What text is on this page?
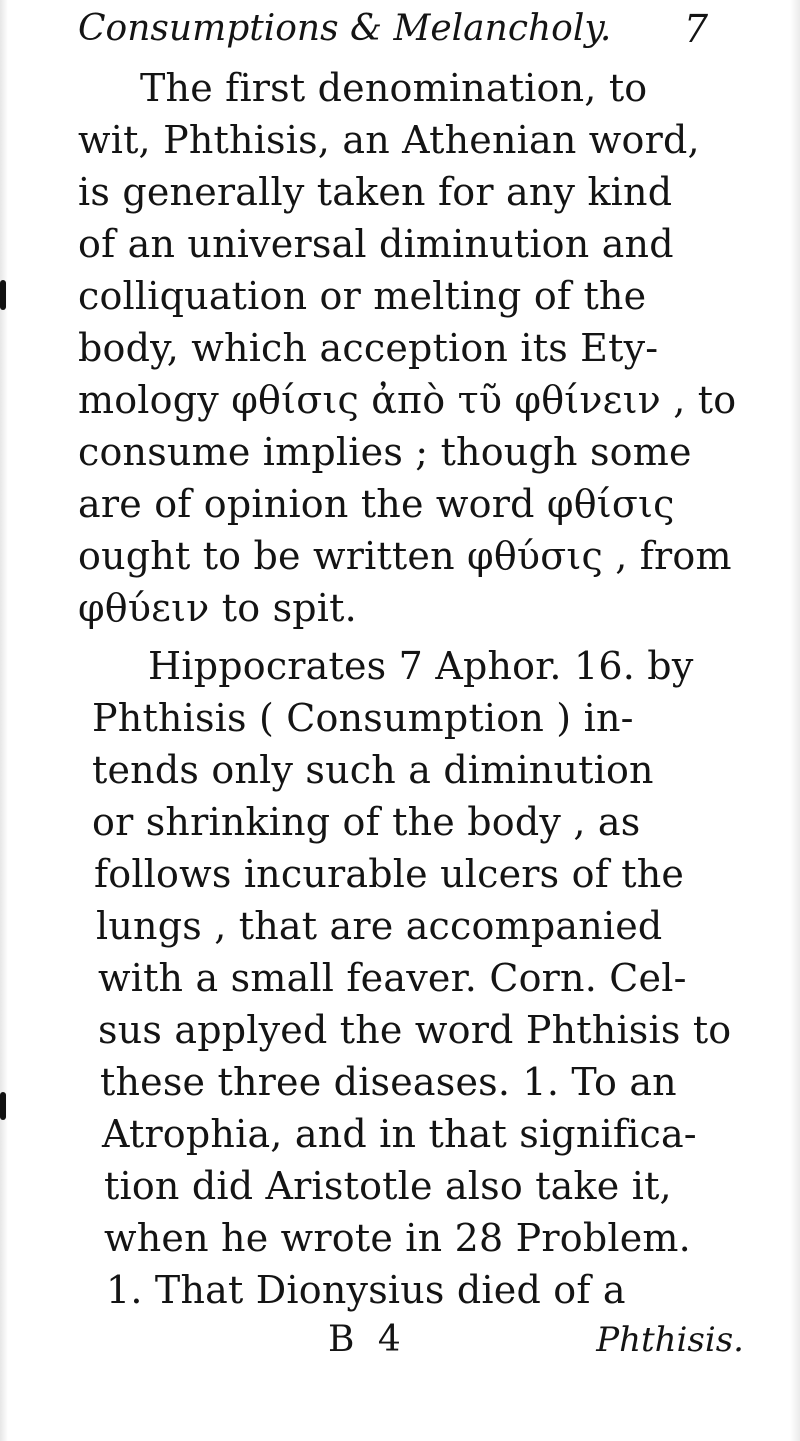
Consumptions & Melancholy. 7
The first denomination, to
wit, Phthisis, an Athenian word,
is generally taken for any kind
of an universal diminution and
colliquation or melting of the
body, which acception its Ety-
mology φθίσις ἀπὸ τῦ φθίνειν , to
consume implies ; though some
are of opinion the word φθίσις
ought to be written φθύσις , from
φθύειν to spit.
Hippocrates 7 Aphor. 16. by
Phthisis ( Consumption ) in-
tends only such a diminution
or shrinking of the body , as
follows incurable ulcers of the
lungs , that are accompanied
with a small feaver. Corn. Cel-
sus applyed the word Phthisis to
these three diseases. 1. To an
Atrophia, and in that significa-
tion did Aristotle also take it,
when he wrote in 28 Problem.
1. That Dionysius died of a
B 4	Phthisis.
